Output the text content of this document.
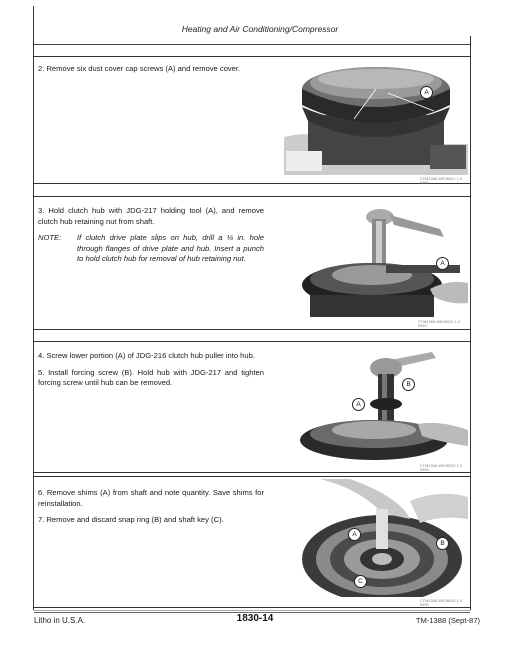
Heating and Air Conditioning/Compressor

2. Remove six dust cover cap screws (A) and remove cover.

A
CTM1388 WE08031 1.0 9090

3. Hold clutch hub with JDG-217 holding tool (A), and remove clutch hub retaining nut from shaft.

NOTE:	If clutch drive plate slips on hub, drill a ¼ in. hole through flanges of drive plate and hub. Insert a punch to hold clutch hub for removal of hub retaining nut.
A
CTM1388 WE08032 1.0 9090

4. Screw lower portion (A) of JDG-216 clutch hub puller into hub.

5. Install forcing screw (B). Hold hub with JDG-217 and tighten forcing screw until hub can be removed.	B
A
CTM1388 WE08033 1.0 9090

6. Remove shims (A) from shaft and note quantity. Save shims for reinstallation.

7. Remove and discard snap ring (B) and shaft key (C).

A
B
C
CTM1388 WE08034 1.0 9090
Litho in U.S.A.	1830-14	TM-1388 (Sept-87)
